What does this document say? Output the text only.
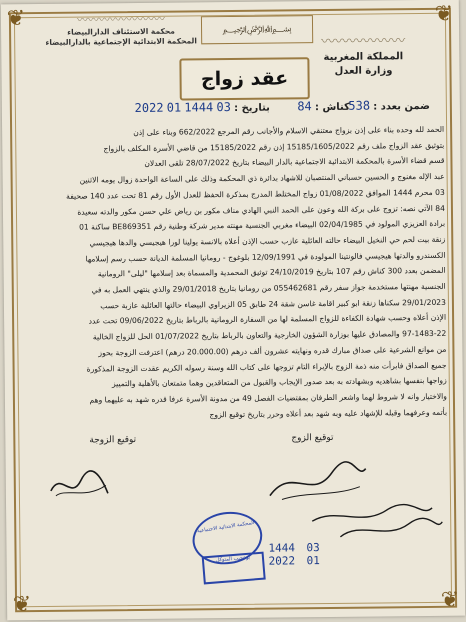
❦	❦
❦	❦
〰〰〰〰〰〰〰〰
محكمة الاستئناف الدارالبيضاء
المحكمة الابتدائية الإجتماعية بالدارالبيضاء
﷽
〰〰〰〰〰〰
المملكة المغربية
وزارة العدل
عقد زواج
ضمن بعدد : 538
كناش : 84
بتاريخ : 03 1444 01 2022

الحمد لله وحده بناء على إذن بزواج معتنقي الاسلام والأجانب رقم المرجع 662/2022 وبناء على إذن

بتوثيق عقد الزواج ملف رقم 15185/1605/2022 إذن رقم 15185/2022 من قاضي الأسرة المكلف بالزواج

قسم قضاء الأسرة بالمحكمة الابتدائية الاجتماعية بالدار البيضاء بتاريخ 28/07/2022 تلقى العدلان

عبد الإله مغنوج و الحسين حسباني المنتصبان للاشهاد بدائرة ذي المحكمة وذلك على الساعة الواحدة زوال يومه الاثنين

03 محرم 1444 الموافق 01/08/2022 زواج المختلط المدرج بمذكرة الحفظ للعدل الأول رقم 81 تحت عدد 140 صحيفة

84 الآتي نصه: تزوج على بركة الله وعون على الحمد النبي الهادي مناف مكور بن رياض علي حسن مكور والدته سعيدة

برادة العزيزي المولود في 02/04/1985 البيضاء مغربي الجنسية مهنته مدير شركة وطنية رقم BE869351 ساكنة 01

زنقة بيت لحم حي النخيل البيضاء حالته العائلية عازب حسب الإذن أعلاه بالانسة يولينا لورا هيجيسي والدها هيجيسي

الكسندرو والدتها هيجيسي فالونتينا المولودة في 12/09/1991 بلوغوج - رومانيا المسلمة الديانة حسب رسم إسلامها

المضمن بعدد 300 كناش رقم 107 بتاريخ 24/10/2019 توثيق المحمدية والمسماة بعد إسلامها "ليلى" الرومانية

الجنسية مهنتها مستخدمة جواز سفر رقم 055462681 من رومانيا بتاريخ 29/01/2018 والذي ينتهي العمل به في

29/01/2023 سكناها زنقة ابو كبير اقامة غاسن شقة 24 طابق 05 الزيراوي البيضاء حالتها العائلية عازبة حسب

الإذن أعلاه وحسب شهادة الكفاءة للزواج المسلمة لها من السفارة الرومانية بالرباط بتاريخ 09/06/2022 تحت عدد

97-1483-22 والمصادق عليها بوزارة الشؤون الخارجية والتعاون بالرباط بتاريخ 01/07/2022 الحل للزواج الخالية

من موانع الشرعية على صداق مبارك قدره ونهايته عشرون ألف درهم (20.000.00 درهم) اعترفت الزوجة بحوز

جميع الصداق فابرأت منه ذمة الزوج بالإبراء التام تزوجها على كتاب الله وسنة رسوله الكريم عقدت الزوجة المذكورة

زواجها بنفسها بشاهديه وبشهادته به بعد صدور الإيجاب والقبول من المتعاقدين وهما متمتعان بالأهلية والتمييز

والاختيار وانه لا شروط لهما واشعر الطرفان بمقتضيات الفصل 49 من مدونة الأسرة عرفا قدره شهد به عليهما وهم

بأتمه وعرفهما وقبله للإشهاد عليه وبه شهد بعد أعلاه وحرر بتاريخ توقيع الزوج

توقيع الزوجة	توقيع الزوج
المحكمة الابتدائية الاجتماعية
بوعجيب المتوكل
1444 03
2022 01
